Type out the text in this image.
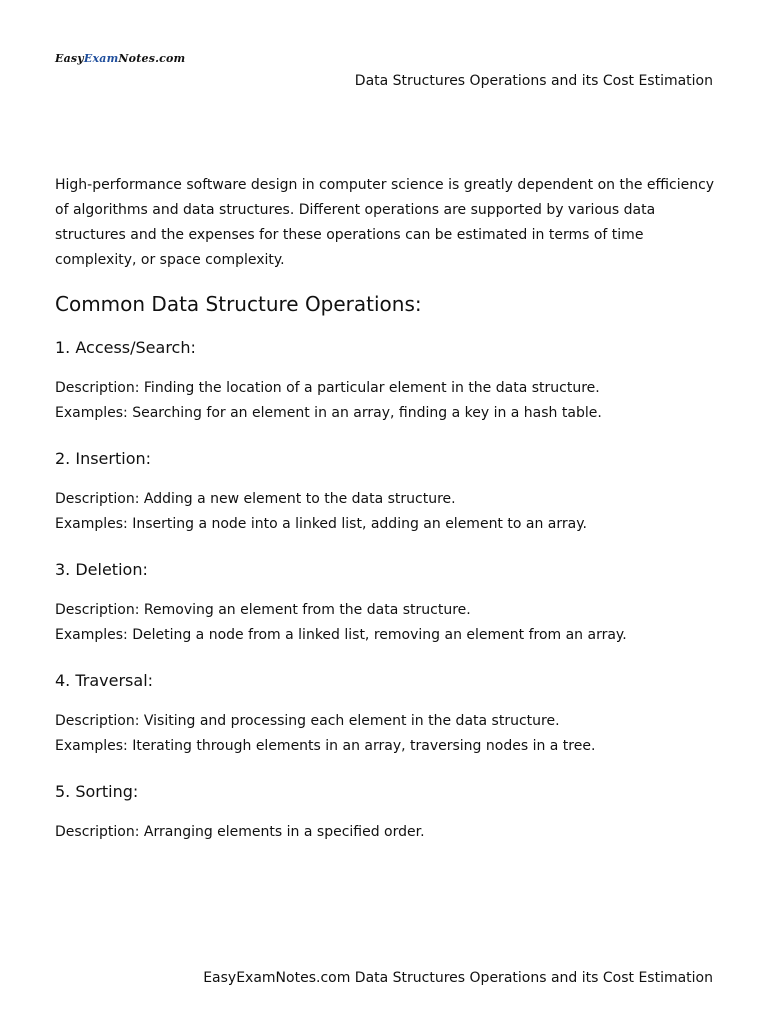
EasyExamNotes.com
Data Structures Operations and its Cost Estimation

High-performance software design in computer science is greatly dependent on the efficiency of algorithms and data structures. Different operations are supported by various data structures and the expenses for these operations can be estimated in terms of time complexity, or space complexity.

Common Data Structure Operations:
1. Access/Search:

Description: Finding the location of a particular element in the data structure.

Examples: Searching for an element in an array, finding a key in a hash table.

2. Insertion:

Description: Adding a new element to the data structure.

Examples: Inserting a node into a linked list, adding an element to an array.

3. Deletion:

Description: Removing an element from the data structure.

Examples: Deleting a node from a linked list, removing an element from an array.

4. Traversal:

Description: Visiting and processing each element in the data structure.

Examples: Iterating through elements in an array, traversing nodes in a tree.

5. Sorting:

Description: Arranging elements in a specified order.

EasyExamNotes.com Data Structures Operations and its Cost Estimation
